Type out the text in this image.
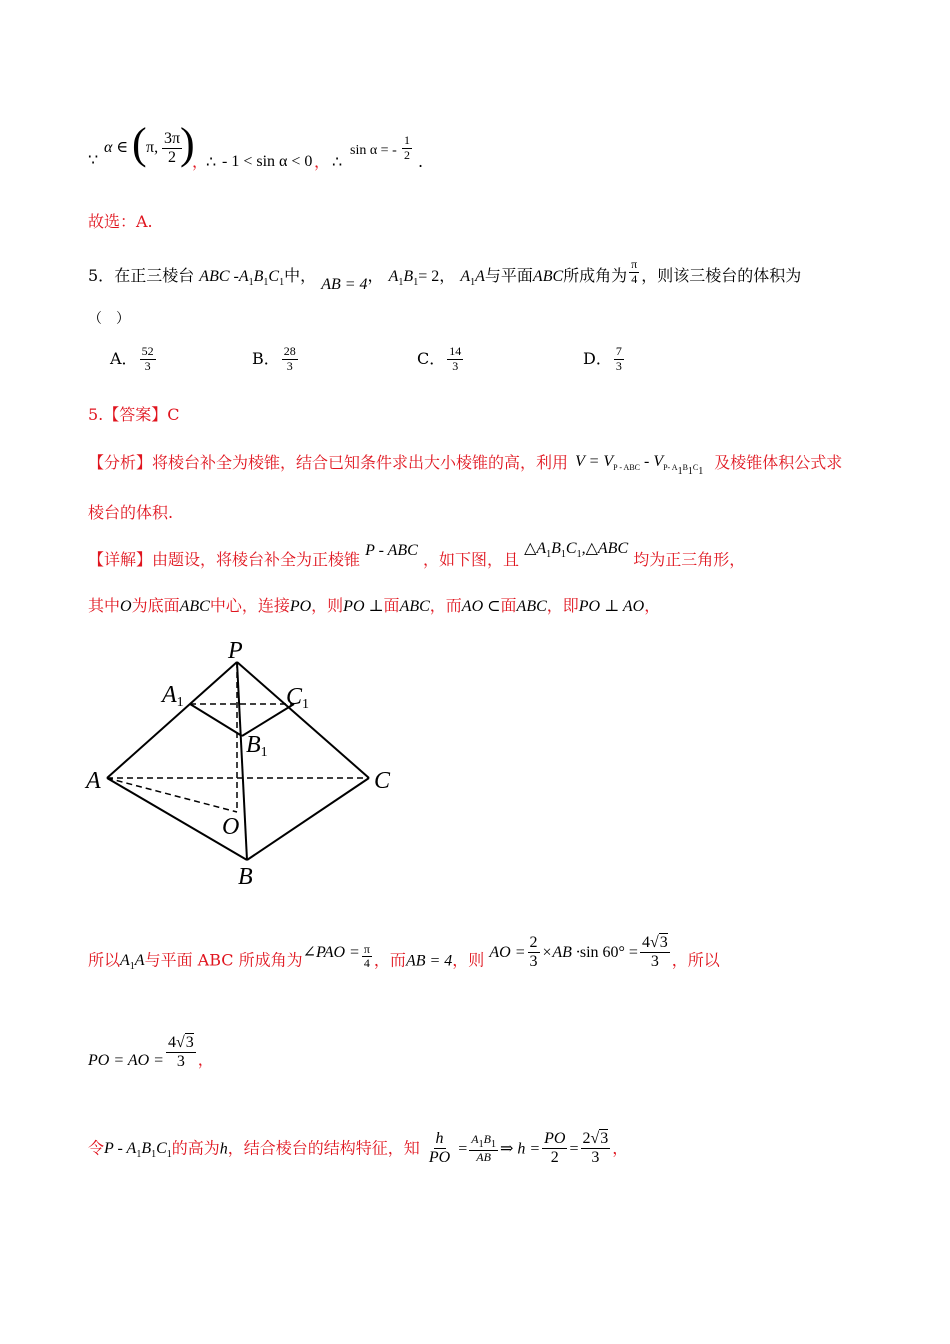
∵
α ∈ ( π, $\frac{3\pi}{2}$
)
，
∴ - 1 < sin α < 0 ， ∴
sin α = - $\frac{1}{2}$ .
故选：A.
5．在正三棱台 ABC $-A_1B_1C_1$中， AB = 4， $A_1B_1= 2$， $A_1A$与平面ABC所成角为 $\frac{\pi}{4}$ ，则该三棱台的体积为
（　）
A． $\frac{52}{3}$	B． $\frac{28}{3}$	C． $\frac{14}{3}$	D． $\frac{7}{3}$
5.【答案】C
【分析】将棱台补全为棱锥，结合已知条件求出大小棱锥的高，利用 $V = V_{P - ABC} - V_{P- A_1B_1C_1}$ 及棱锥体积公式求
棱台的体积.
【详解】由题设，将棱台补全为正棱锥 P - ABC ，如下图，且 $\triangle A_1B_1C_1,\triangle ABC$ 均为正三角形，
其中O为底面ABC中心，连接PO，则PO ⊥面ABC，而AO ⊂面ABC，即PO ⊥ AO，
P
A1	C1
B1
A	C
O
B
所以$A_1A$与平面 ABC 所成角为∠PAO = $\frac{\pi}{4}$ ，而AB = 4，则 AO = $\frac{2}{3} \times AB \cdot\sin$ $60^\circ = \frac{4√3}{3}$ ，所以
PO = AO = $\frac{4√3}{3}$ ，
令P - $A_1B_1C_1$的高为h，结合棱台的结构特征，知 $\frac{h}{PO} = \frac{A_1B_1}{AB}$ ⇒ $h = \frac{PO}{2} = \frac{2√3}{3}$ ，
